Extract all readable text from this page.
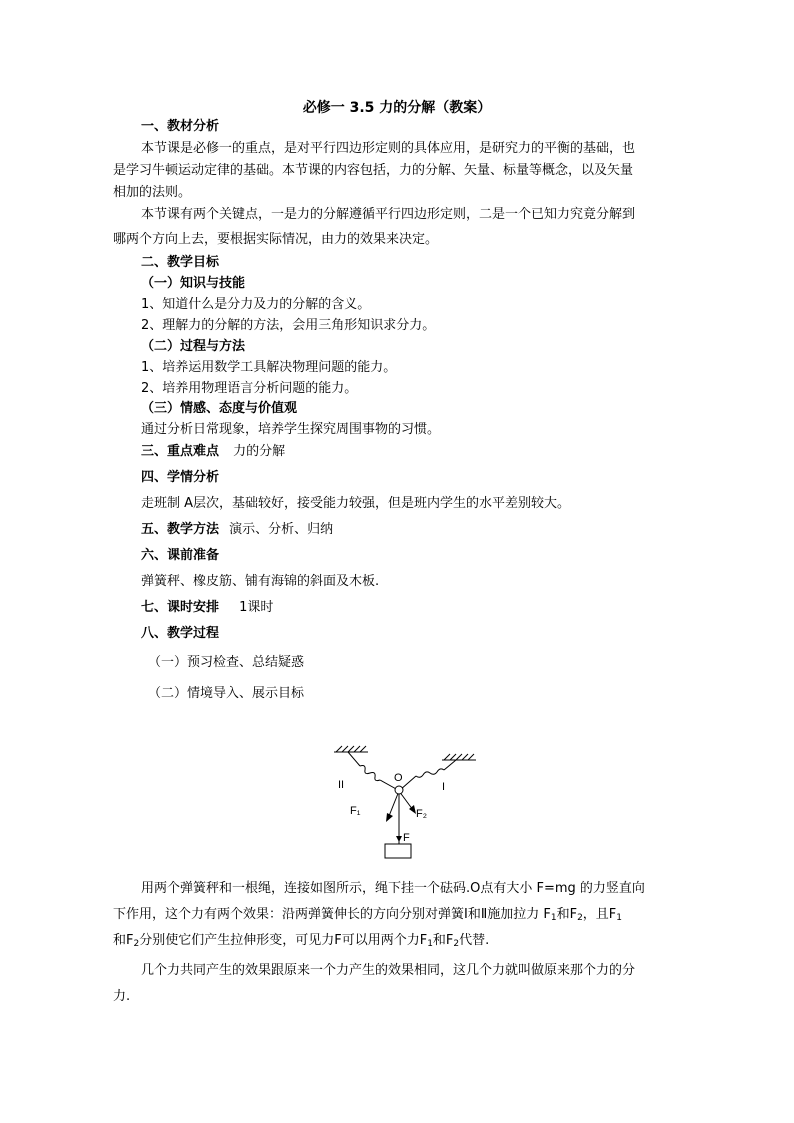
必修一 3.5 力的分解（教案）
一、教材分析
本节课是必修一的重点，是对平行四边形定则的具体应用，是研究力的平衡的基础，也
是学习牛顿运动定律的基础。本节课的内容包括，力的分解、矢量、标量等概念，以及矢量
相加的法则。
本节课有两个关键点，一是力的分解遵循平行四边形定则，二是一个已知力究竟分解到
哪两个方向上去，要根据实际情况，由力的效果来决定。
二、教学目标
（一）知识与技能
1、知道什么是分力及力的分解的含义。
2、理解力的分解的方法，会用三角形知识求分力。
（二）过程与方法
1、培养运用数学工具解决物理问题的能力。
2、培养用物理语言分析问题的能力。
（三）情感、态度与价值观
通过分析日常现象，培养学生探究周围事物的习惯。
三、重点难点 力的分解
四、学情分析
走班制 A层次，基础较好，接受能力较强，但是班内学生的水平差别较大。
五、教学方法 演示、分析、归纳
六、课前准备
弹簧秤、橡皮筋、铺有海锦的斜面及木板.
七、课时安排 1课时
八、教学过程
（一）预习检查、总结疑惑
（二）情境导入、展示目标
II	I
O
F₁	F₂
F
用两个弹簧秤和一根绳，连接如图所示，绳下挂一个砝码.O点有大小 F=mg 的力竖直向
下作用，这个力有两个效果：沿两弹簧伸长的方向分别对弹簧Ⅰ和Ⅱ施加拉力 $F_1$和$F_2$，且$F_1$
和$F_2$分别使它们产生拉伸形变，可见力F可以用两个力$F_1$和$F_2$代替.
几个力共同产生的效果跟原来一个力产生的效果相同，这几个力就叫做原来那个力的分
力.
